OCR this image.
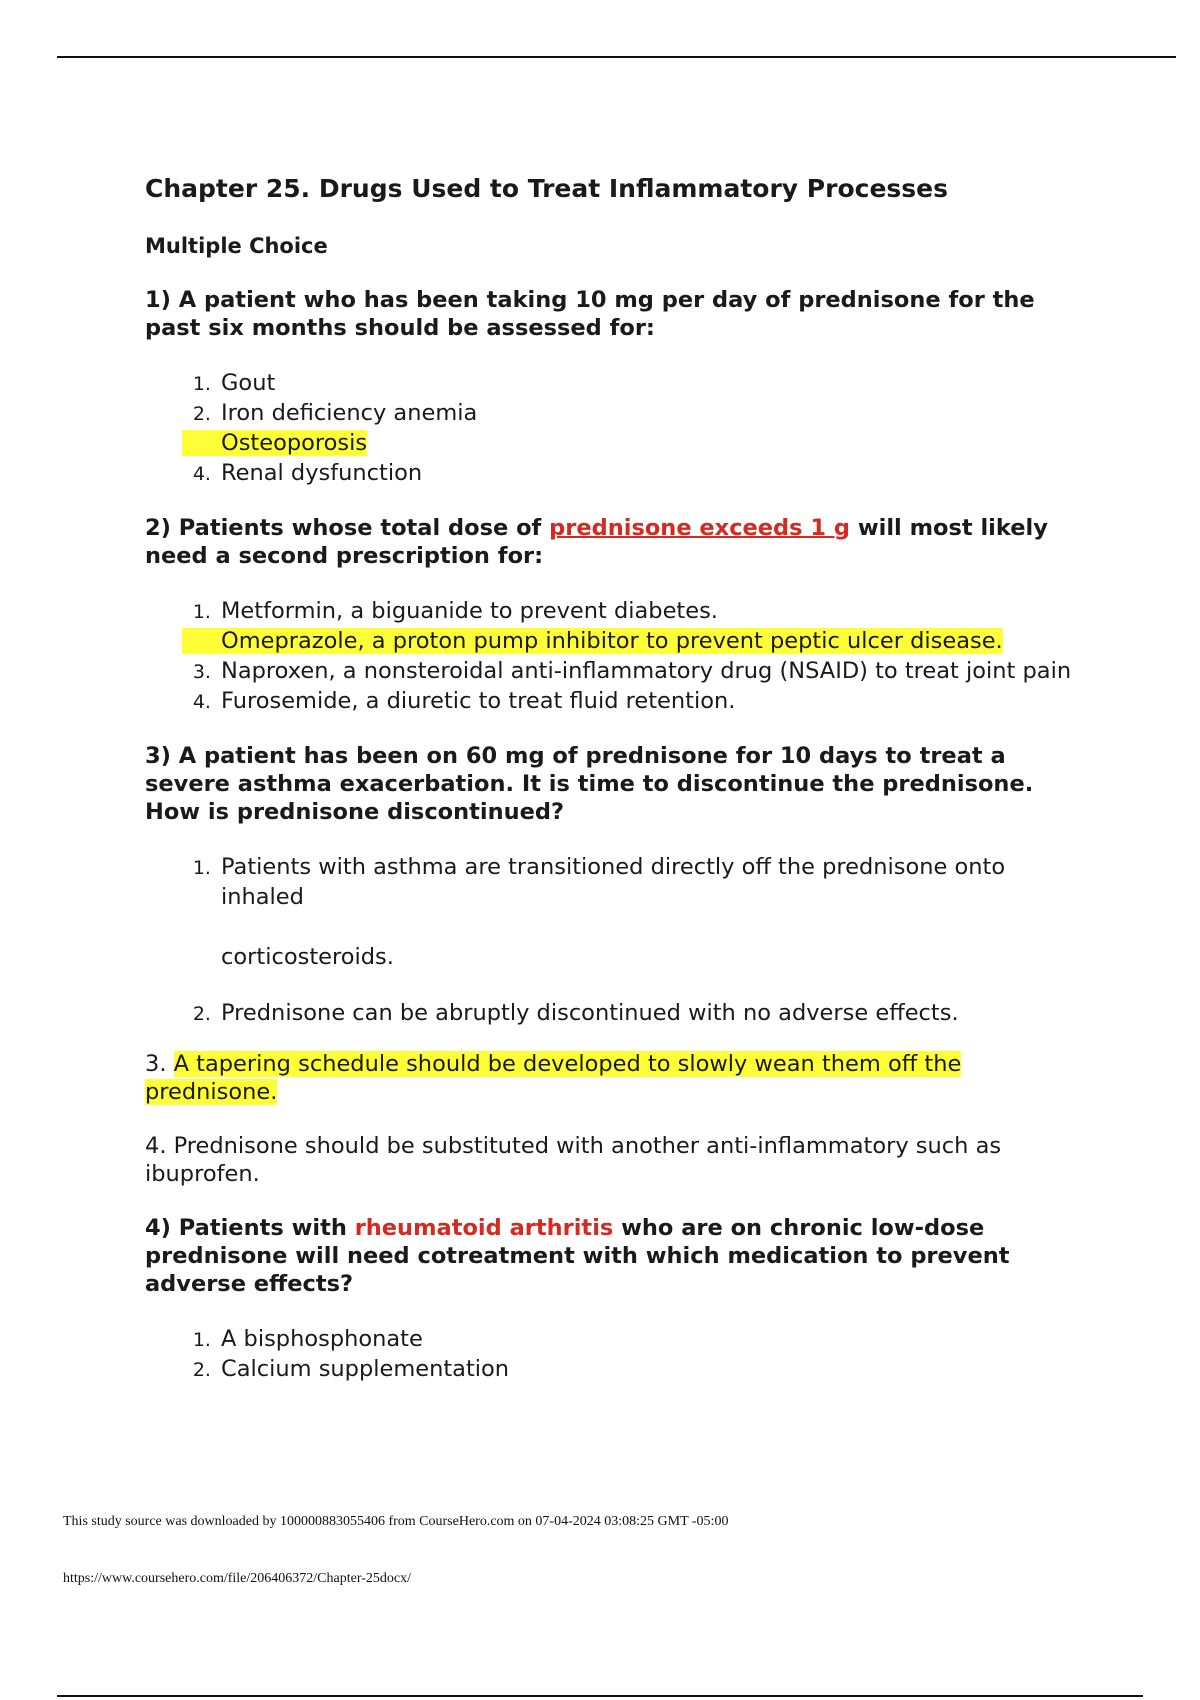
Chapter 25. Drugs Used to Treat Inflammatory Processes
Multiple Choice
1) A patient who has been taking 10 mg per day of prednisone for the past six months should be assessed for:
1. Gout
2. Iron deficiency anemia
3. Osteoporosis
4. Renal dysfunction
2) Patients whose total dose of prednisone exceeds 1 g will most likely need a second prescription for:
1. Metformin, a biguanide to prevent diabetes.
2. Omeprazole, a proton pump inhibitor to prevent peptic ulcer disease.
3. Naproxen, a nonsteroidal anti-inflammatory drug (NSAID) to treat joint pain
4. Furosemide, a diuretic to treat fluid retention.
3) A patient has been on 60 mg of prednisone for 10 days to treat a severe asthma exacerbation. It is time to discontinue the prednisone. How is prednisone discontinued?
1. Patients with asthma are transitioned directly off the prednisone onto inhaled
corticosteroids.
2. Prednisone can be abruptly discontinued with no adverse effects.
3. A tapering schedule should be developed to slowly wean them off the prednisone.
4. Prednisone should be substituted with another anti-inflammatory such as ibuprofen.
4) Patients with rheumatoid arthritis who are on chronic low-dose prednisone will need cotreatment with which medication to prevent adverse effects?
1. A bisphosphonate
2. Calcium supplementation
This study source was downloaded by 100000883055406 from CourseHero.com on 07-04-2024 03:08:25 GMT -05:00
https://www.coursehero.com/file/206406372/Chapter-25docx/
